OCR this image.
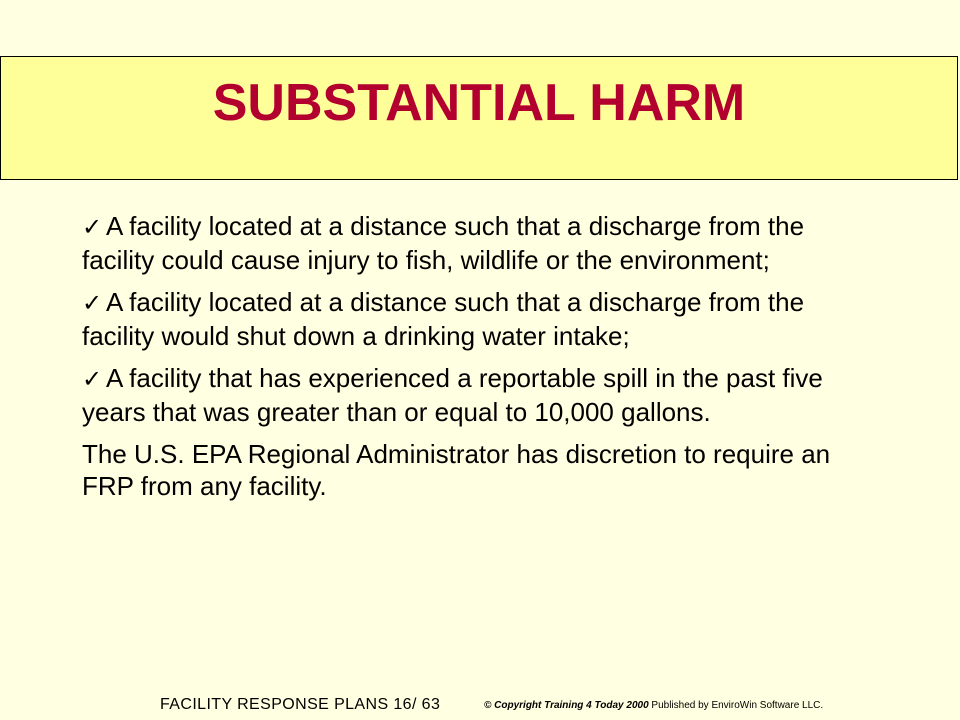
SUBSTANTIAL HARM
✓ A facility located at a distance such that a discharge from the facility could cause injury to fish, wildlife or the environment;
✓ A facility located at a distance such that a discharge from the facility would shut down a drinking water intake;
✓ A facility that has experienced a reportable spill in the past five years that was greater than or equal to 10,000 gallons.
The U.S. EPA Regional Administrator has discretion to require an FRP from any facility.
FACILITY RESPONSE PLANS 16/ 63	© Copyright Training 4 Today 2000 Published by EnviroWin Software LLC.
